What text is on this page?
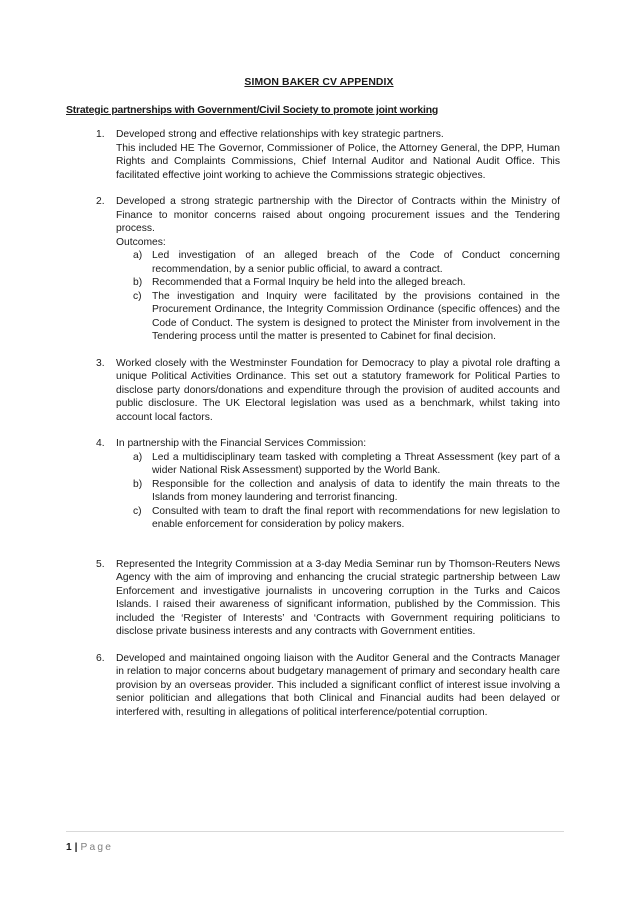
SIMON BAKER CV APPENDIX
Strategic partnerships with Government/Civil Society to promote joint working
1. Developed strong and effective relationships with key strategic partners.

This included HE The Governor, Commissioner of Police, the Attorney General, the DPP, Human Rights and Complaints Commissions, Chief Internal Auditor and National Audit Office. This facilitated effective joint working to achieve the Commissions strategic objectives.

2. Developed a strong strategic partnership with the Director of Contracts within the Ministry of Finance to monitor concerns raised about ongoing procurement issues and the Tendering process.

Outcomes:

a) Led investigation of an alleged breach of the Code of Conduct concerning recommendation, by a senior public official, to award a contract.

b) Recommended that a Formal Inquiry be held into the alleged breach.

c) The investigation and Inquiry were facilitated by the provisions contained in the Procurement Ordinance, the Integrity Commission Ordinance (specific offences) and the Code of Conduct. The system is designed to protect the Minister from involvement in the Tendering process until the matter is presented to Cabinet for final decision.

3. Worked closely with the Westminster Foundation for Democracy to play a pivotal role drafting a unique Political Activities Ordinance. This set out a statutory framework for Political Parties to disclose party donors/donations and expenditure through the provision of audited accounts and public disclosure. The UK Electoral legislation was used as a benchmark, whilst taking into account local factors.

4. In partnership with the Financial Services Commission:

a) Led a multidisciplinary team tasked with completing a Threat Assessment (key part of a wider National Risk Assessment) supported by the World Bank.

b) Responsible for the collection and analysis of data to identify the main threats to the Islands from money laundering and terrorist financing.

c) Consulted with team to draft the final report with recommendations for new legislation to enable enforcement for consideration by policy makers.

5. Represented the Integrity Commission at a 3-day Media Seminar run by Thomson-Reuters News Agency with the aim of improving and enhancing the crucial strategic partnership between Law Enforcement and investigative journalists in uncovering corruption in the Turks and Caicos Islands. I raised their awareness of significant information, published by the Commission. This included the ‘Register of Interests’ and ‘Contracts with Government requiring politicians to disclose private business interests and any contracts with Government entities.

6. Developed and maintained ongoing liaison with the Auditor General and the Contracts Manager in relation to major concerns about budgetary management of primary and secondary health care provision by an overseas provider. This included a significant conflict of interest issue involving a senior politician and allegations that both Clinical and Financial audits had been delayed or interfered with, resulting in allegations of political interference/potential corruption.

1 | Page
